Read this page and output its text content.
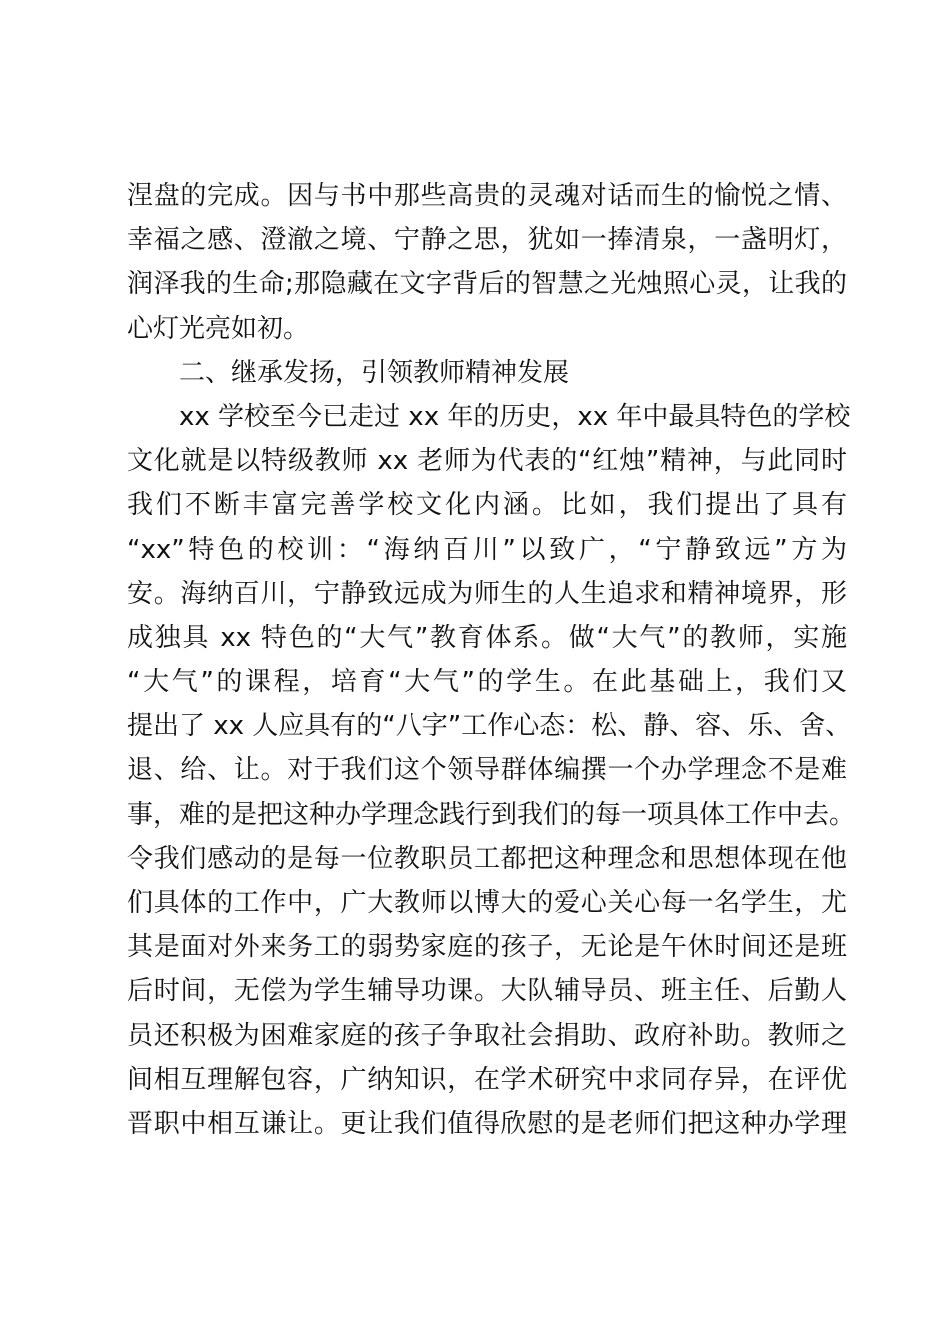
涅盘的完成。因与书中那些高贵的灵魂对话而生的愉悦之情、
幸福之感、澄澈之境、宁静之思，犹如一捧清泉，一盏明灯，
润泽我的生命;那隐藏在文字背后的智慧之光烛照心灵，让我的
心灯光亮如初。
二、继承发扬，引领教师精神发展
xx 学校至今已走过 xx 年的历史，xx 年中最具特色的学校
文化就是以特级教师 xx 老师为代表的“红烛”精神，与此同时
我们不断丰富完善学校文化内涵。比如，我们提出了具有
“xx”特色的校训：“海纳百川”以致广，“宁静致远”方为
安。海纳百川，宁静致远成为师生的人生追求和精神境界，形
成独具 xx 特色的“大气”教育体系。做“大气”的教师，实施
“大气”的课程，培育“大气”的学生。在此基础上，我们又
提出了 xx 人应具有的“八字”工作心态：松、静、容、乐、舍、
退、给、让。对于我们这个领导群体编撰一个办学理念不是难
事，难的是把这种办学理念践行到我们的每一项具体工作中去。
令我们感动的是每一位教职员工都把这种理念和思想体现在他
们具体的工作中，广大教师以博大的爱心关心每一名学生，尤
其是面对外来务工的弱势家庭的孩子，无论是午休时间还是班
后时间，无偿为学生辅导功课。大队辅导员、班主任、后勤人
员还积极为困难家庭的孩子争取社会捐助、政府补助。教师之
间相互理解包容，广纳知识，在学术研究中求同存异，在评优
晋职中相互谦让。更让我们值得欣慰的是老师们把这种办学理
